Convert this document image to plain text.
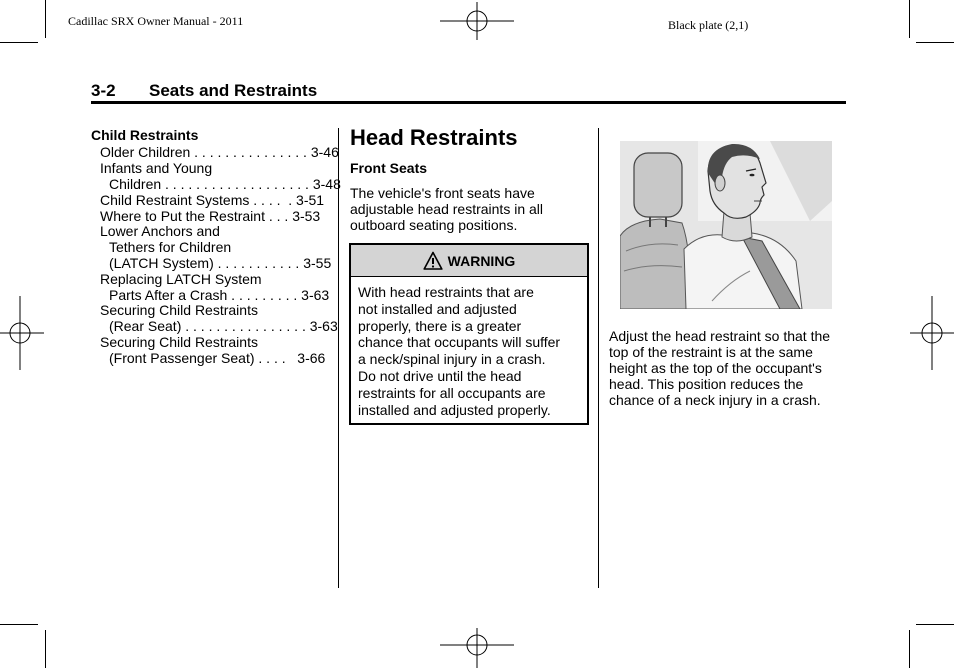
Cadillac SRX Owner Manual - 2011	Black plate (2,1)
3-2 Seats and Restraints
Child Restraints
Older Children . . . . . . . . . . . . . . . 3-46
Infants and Young
Children . . . . . . . . . . . . . . . . . . . 3-48
Child Restraint Systems . . . .  . 3-51
Where to Put the Restraint . . . 3-53
Lower Anchors and
Tethers for Children
(LATCH System) . . . . . . . . . . . 3-55
Replacing LATCH System
Parts After a Crash . . . . . . . . . 3-63
Securing Child Restraints
(Rear Seat) . . . . . . . . . . . . . . . . 3-63
Securing Child Restraints
(Front Passenger Seat) . . . .   3-66
Head Restraints
Front Seats
The vehicle's front seats have
adjustable head restraints in all
outboard seating positions.
WARNING
With head restraints that are
not installed and adjusted
properly, there is a greater
chance that occupants will suffer
a neck/spinal injury in a crash.
Do not drive until the head
restraints for all occupants are
installed and adjusted properly.
Adjust the head restraint so that the
top of the restraint is at the same
height as the top of the occupant's
head. This position reduces the
chance of a neck injury in a crash.
